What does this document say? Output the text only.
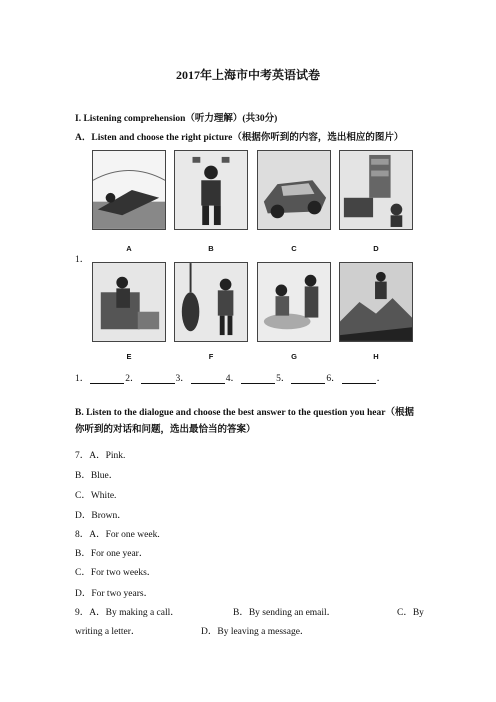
2017年上海市中考英语试卷
I. Listening comprehension（听力理解）(共30分)
A．Listen and choose the right picture（根据你听到的内容，选出相应的图片）
A	B	C	D
1．
E	F	G	H
1．	2．	3．	4．	5．	6．	．
B. Listen to the dialogue and choose the best answer to the question you hear（根据你听到的对话和问题，选出最恰当的答案）
7．A．Pink.
B．Blue．
C．White.
D．Brown．
8．A．For one week.
B．For one year．
C．For two weeks．
D．For two years．
9．A．By making a call．	B．By sending an email．	C．By
writing a letter．	D．By leaving a message．
